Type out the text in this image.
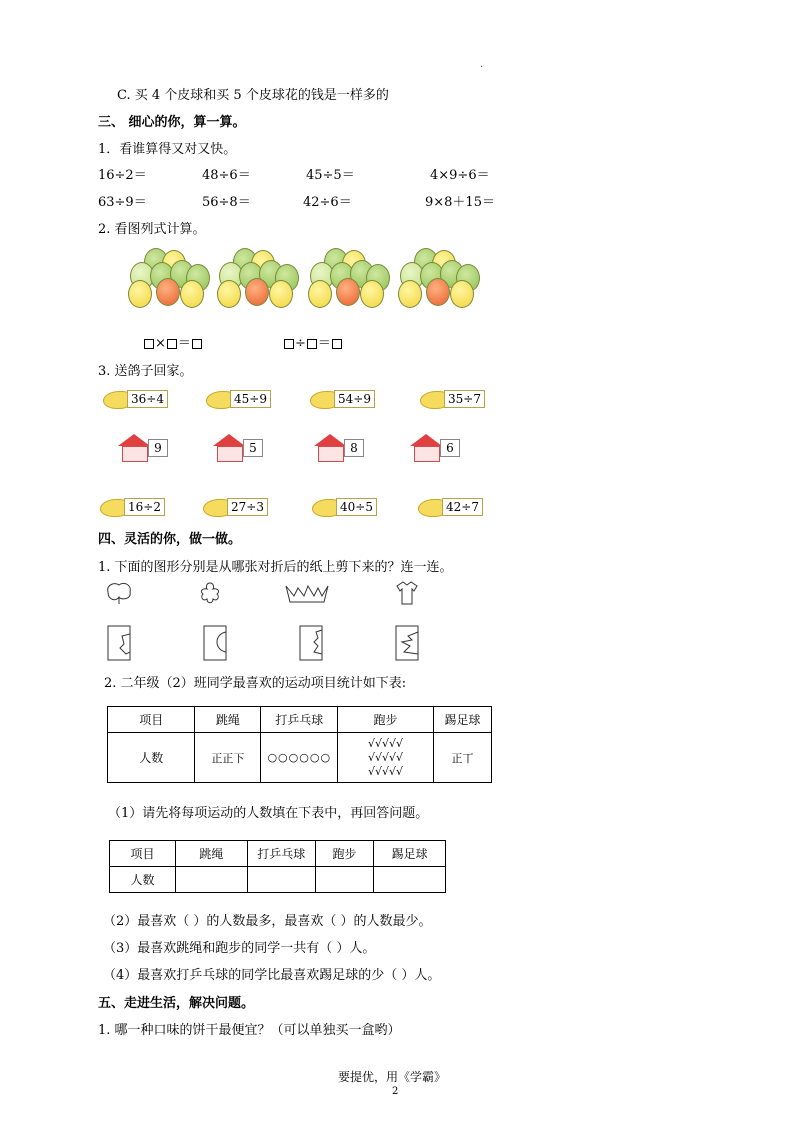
·
C. 买 4 个皮球和买 5 个皮球花的钱是一样多的
三、 细心的你，算一算。
1．看谁算得又对又快。
16÷2＝	48÷6＝	45÷5＝	4×9÷6＝
63÷9＝	56÷8＝	42÷6＝	9×8＋15＝
2. 看图列式计算。
× ＝	÷ ＝
3. 送鸽子回家。
36÷4	45÷9	54÷9	35÷7
9	5	8	6
16÷2	27÷3	40÷5	42÷7
四、灵活的你，做一做。
1. 下面的图形分别是从哪张对折后的纸上剪下来的？连一连。
2. 二年级（2）班同学最喜欢的运动项目统计如下表:
项目	跳绳	打乒乓球	跑步	踢足球
人数	正正下	○○○○○○	√√√√√
√√√√√
√√√√√	正丅
（1）请先将每项运动的人数填在下表中，再回答问题。
项目	跳绳	打乒乓球	跑步	踢足球
人数				
（2）最喜欢（ ）的人数最多，最喜欢（ ）的人数最少。
（3）最喜欢跳绳和跑步的同学一共有（ ）人。
（4）最喜欢打乒乓球的同学比最喜欢踢足球的少（ ）人。
五、走进生活，解决问题。
1. 哪一种口味的饼干最便宜？（可以单独买一盒哟）
要提优，用《学霸》
2
